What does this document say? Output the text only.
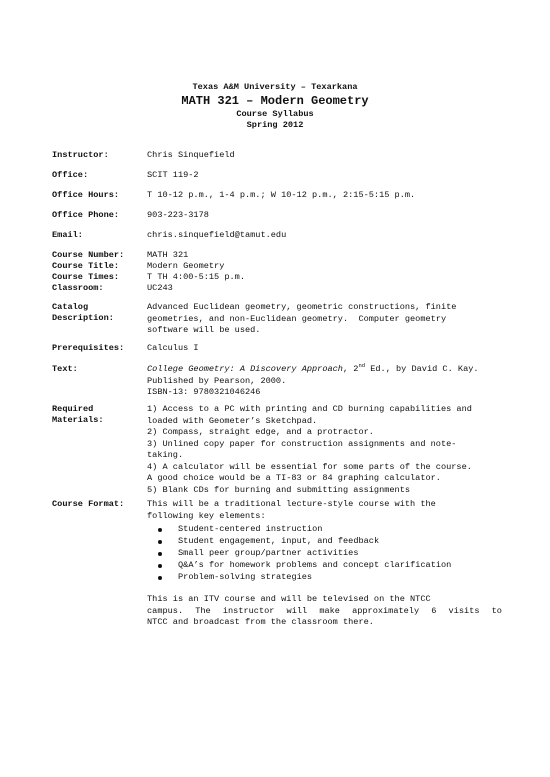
Texas A&M University – Texarkana
MATH 321 – Modern Geometry
Course Syllabus
Spring 2012
Instructor:	Chris Sinquefield
Office:	SCIT 119-2
Office Hours:	T 10-12 p.m., 1-4 p.m.; W 10-12 p.m., 2:15-5:15 p.m.
Office Phone:	903-223-3178
Email:	chris.sinquefield@tamut.edu
Course Number:	MATH 321
Course Title:	Modern Geometry
Course Times:	T TH 4:00-5:15 p.m.
Classroom:	UC243
Catalog
Description:
Advanced Euclidean geometry, geometric constructions, finite
geometries, and non-Euclidean geometry.  Computer geometry
software will be used.
Prerequisites:	Calculus I
Text:	College Geometry: A Discovery Approach, 2nd Ed., by David C. Kay.
Published by Pearson, 2000.
ISBN-13: 9780321046246
Required
Materials:
1) Access to a PC with printing and CD burning capabilities and
loaded with Geometer’s Sketchpad.
2) Compass, straight edge, and a protractor.
3) Unlined copy paper for construction assignments and note-
taking.
4) A calculator will be essential for some parts of the course.
A good choice would be a TI-83 or 84 graphing calculator.
5) Blank CDs for burning and submitting assignments
Course Format:	This will be a traditional lecture-style course with the
following key elements:
Student-centered instruction
Student engagement, input, and feedback
Small peer group/partner activities
Q&A’s for homework problems and concept clarification
Problem-solving strategies
This is an ITV course and will be televised on the NTCC
campus. The instructor will make approximately 6 visits to
NTCC and broadcast from the classroom there.
